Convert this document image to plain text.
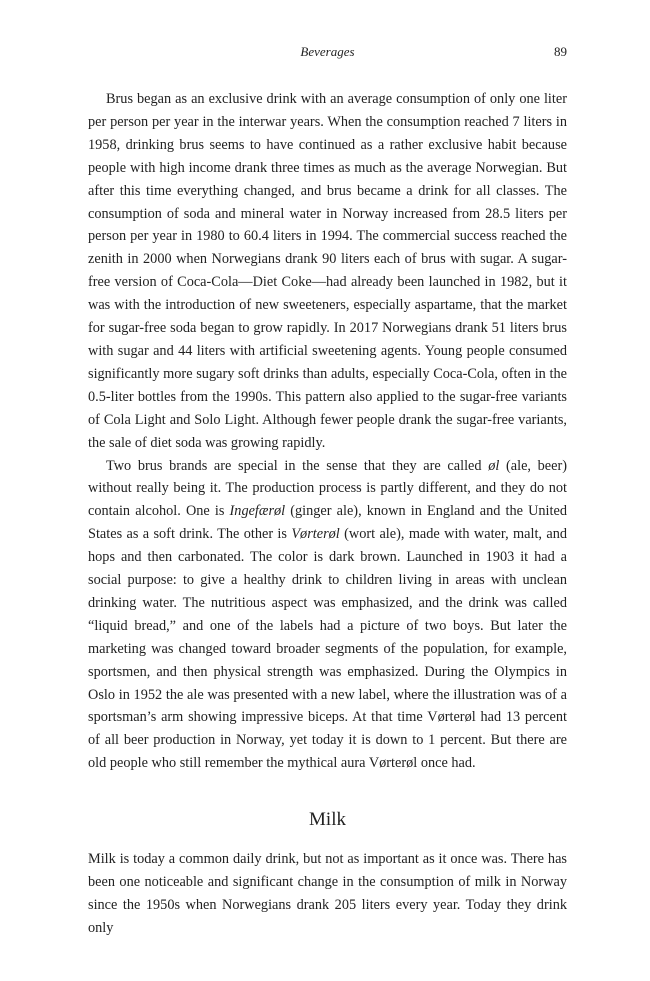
Beverages	89

Brus began as an exclusive drink with an average consumption of only one liter per person per year in the interwar years. When the consumption reached 7 liters in 1958, drinking brus seems to have continued as a rather exclusive habit because people with high income drank three times as much as the average Norwegian. But after this time everything changed, and brus became a drink for all classes. The consumption of soda and mineral water in Norway increased from 28.5 liters per person per year in 1980 to 60.4 liters in 1994. The commercial success reached the zenith in 2000 when Norwegians drank 90 liters each of brus with sugar. A sugar-free version of Coca-Cola—Diet Coke—had already been launched in 1982, but it was with the introduction of new sweeteners, especially aspartame, that the market for sugar-free soda began to grow rapidly. In 2017 Norwegians drank 51 liters brus with sugar and 44 liters with artificial sweetening agents. Young people consumed significantly more sugary soft drinks than adults, especially Coca-Cola, often in the 0.5-liter bottles from the 1990s. This pattern also applied to the sugar-free variants of Cola Light and Solo Light. Although fewer people drank the sugar-free variants, the sale of diet soda was growing rapidly.

Two brus brands are special in the sense that they are called øl (ale, beer) without really being it. The production process is partly different, and they do not contain alcohol. One is Ingefærøl (ginger ale), known in England and the United States as a soft drink. The other is Vørterøl (wort ale), made with water, malt, and hops and then carbonated. The color is dark brown. Launched in 1903 it had a social purpose: to give a healthy drink to children living in areas with unclean drinking water. The nutritious aspect was emphasized, and the drink was called “liquid bread,” and one of the labels had a picture of two boys. But later the marketing was changed toward broader segments of the population, for example, sportsmen, and then physical strength was emphasized. During the Olympics in Oslo in 1952 the ale was presented with a new label, where the illustration was of a sportsman’s arm showing impressive biceps. At that time Vørterøl had 13 percent of all beer production in Norway, yet today it is down to 1 percent. But there are old people who still remember the mythical aura Vørterøl once had.

Milk

Milk is today a common daily drink, but not as important as it once was. There has been one noticeable and significant change in the consumption of milk in Norway since the 1950s when Norwegians drank 205 liters every year. Today they drink only
